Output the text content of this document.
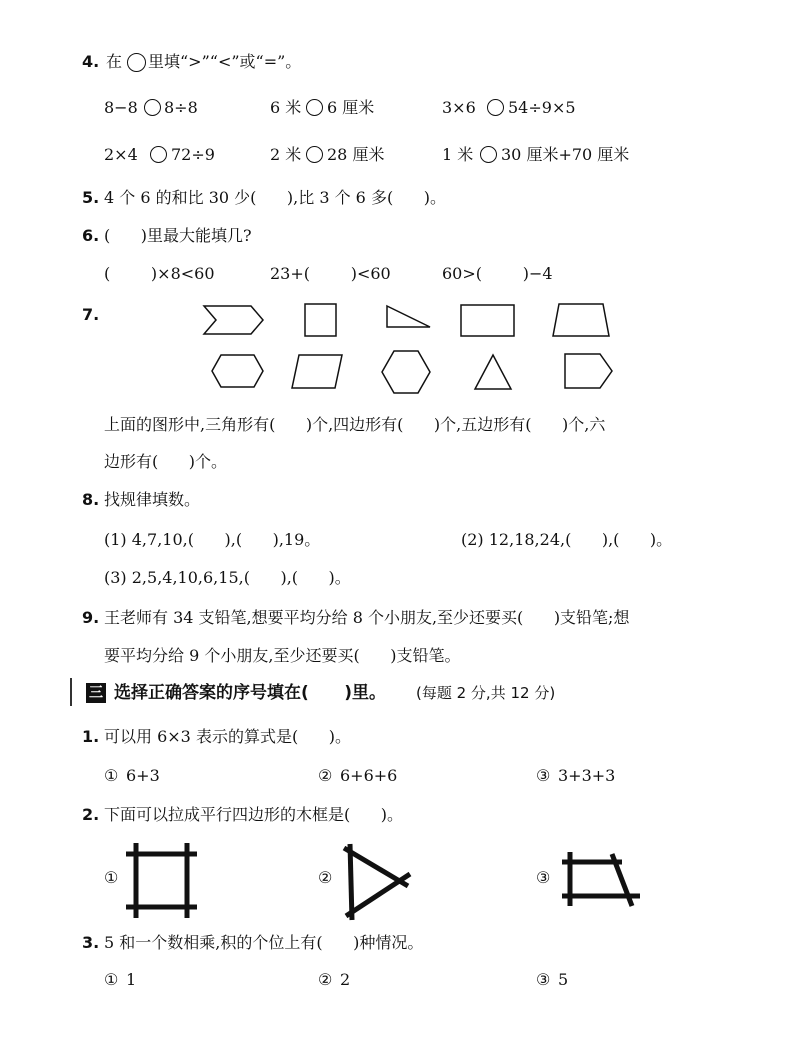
4. 在 里填“>”“<”或“=”。
8−8 8÷8	6 米 6 厘米	3×6 54÷9×5
2×4 72÷9	2 米 28 厘米	1 米 30 厘米+70 厘米
5. 4 个 6 的和比 30 少(      ),比 3 个 6 多(      )。
6. (      )里最大能填几?
(        )×8<60	23+(        )<60	60>(        )−4
7.
上面的图形中,三角形有(      )个,四边形有(      )个,五边形有(      )个,六
边形有(      )个。
8. 找规律填数。
(1) 4,7,10,(      ),(      ),19。	(2) 12,18,24,(      ),(      )。
(3) 2,5,4,10,6,15,(      ),(      )。
9. 王老师有 34 支铅笔,想要平均分给 8 个小朋友,至少还要买(      )支铅笔;想
要平均分给 9 个小朋友,至少还要买(      )支铅笔。
三 选择正确答案的序号填在(      )里。 (每题 2 分,共 12 分)
1. 可以用 6×3 表示的算式是(      )。
① 6+3	② 6+6+6	③ 3+3+3
2. 下面可以拉成平行四边形的木框是(      )。
①	②	③
3. 5 和一个数相乘,积的个位上有(      )种情况。
① 1	② 2	③ 5
